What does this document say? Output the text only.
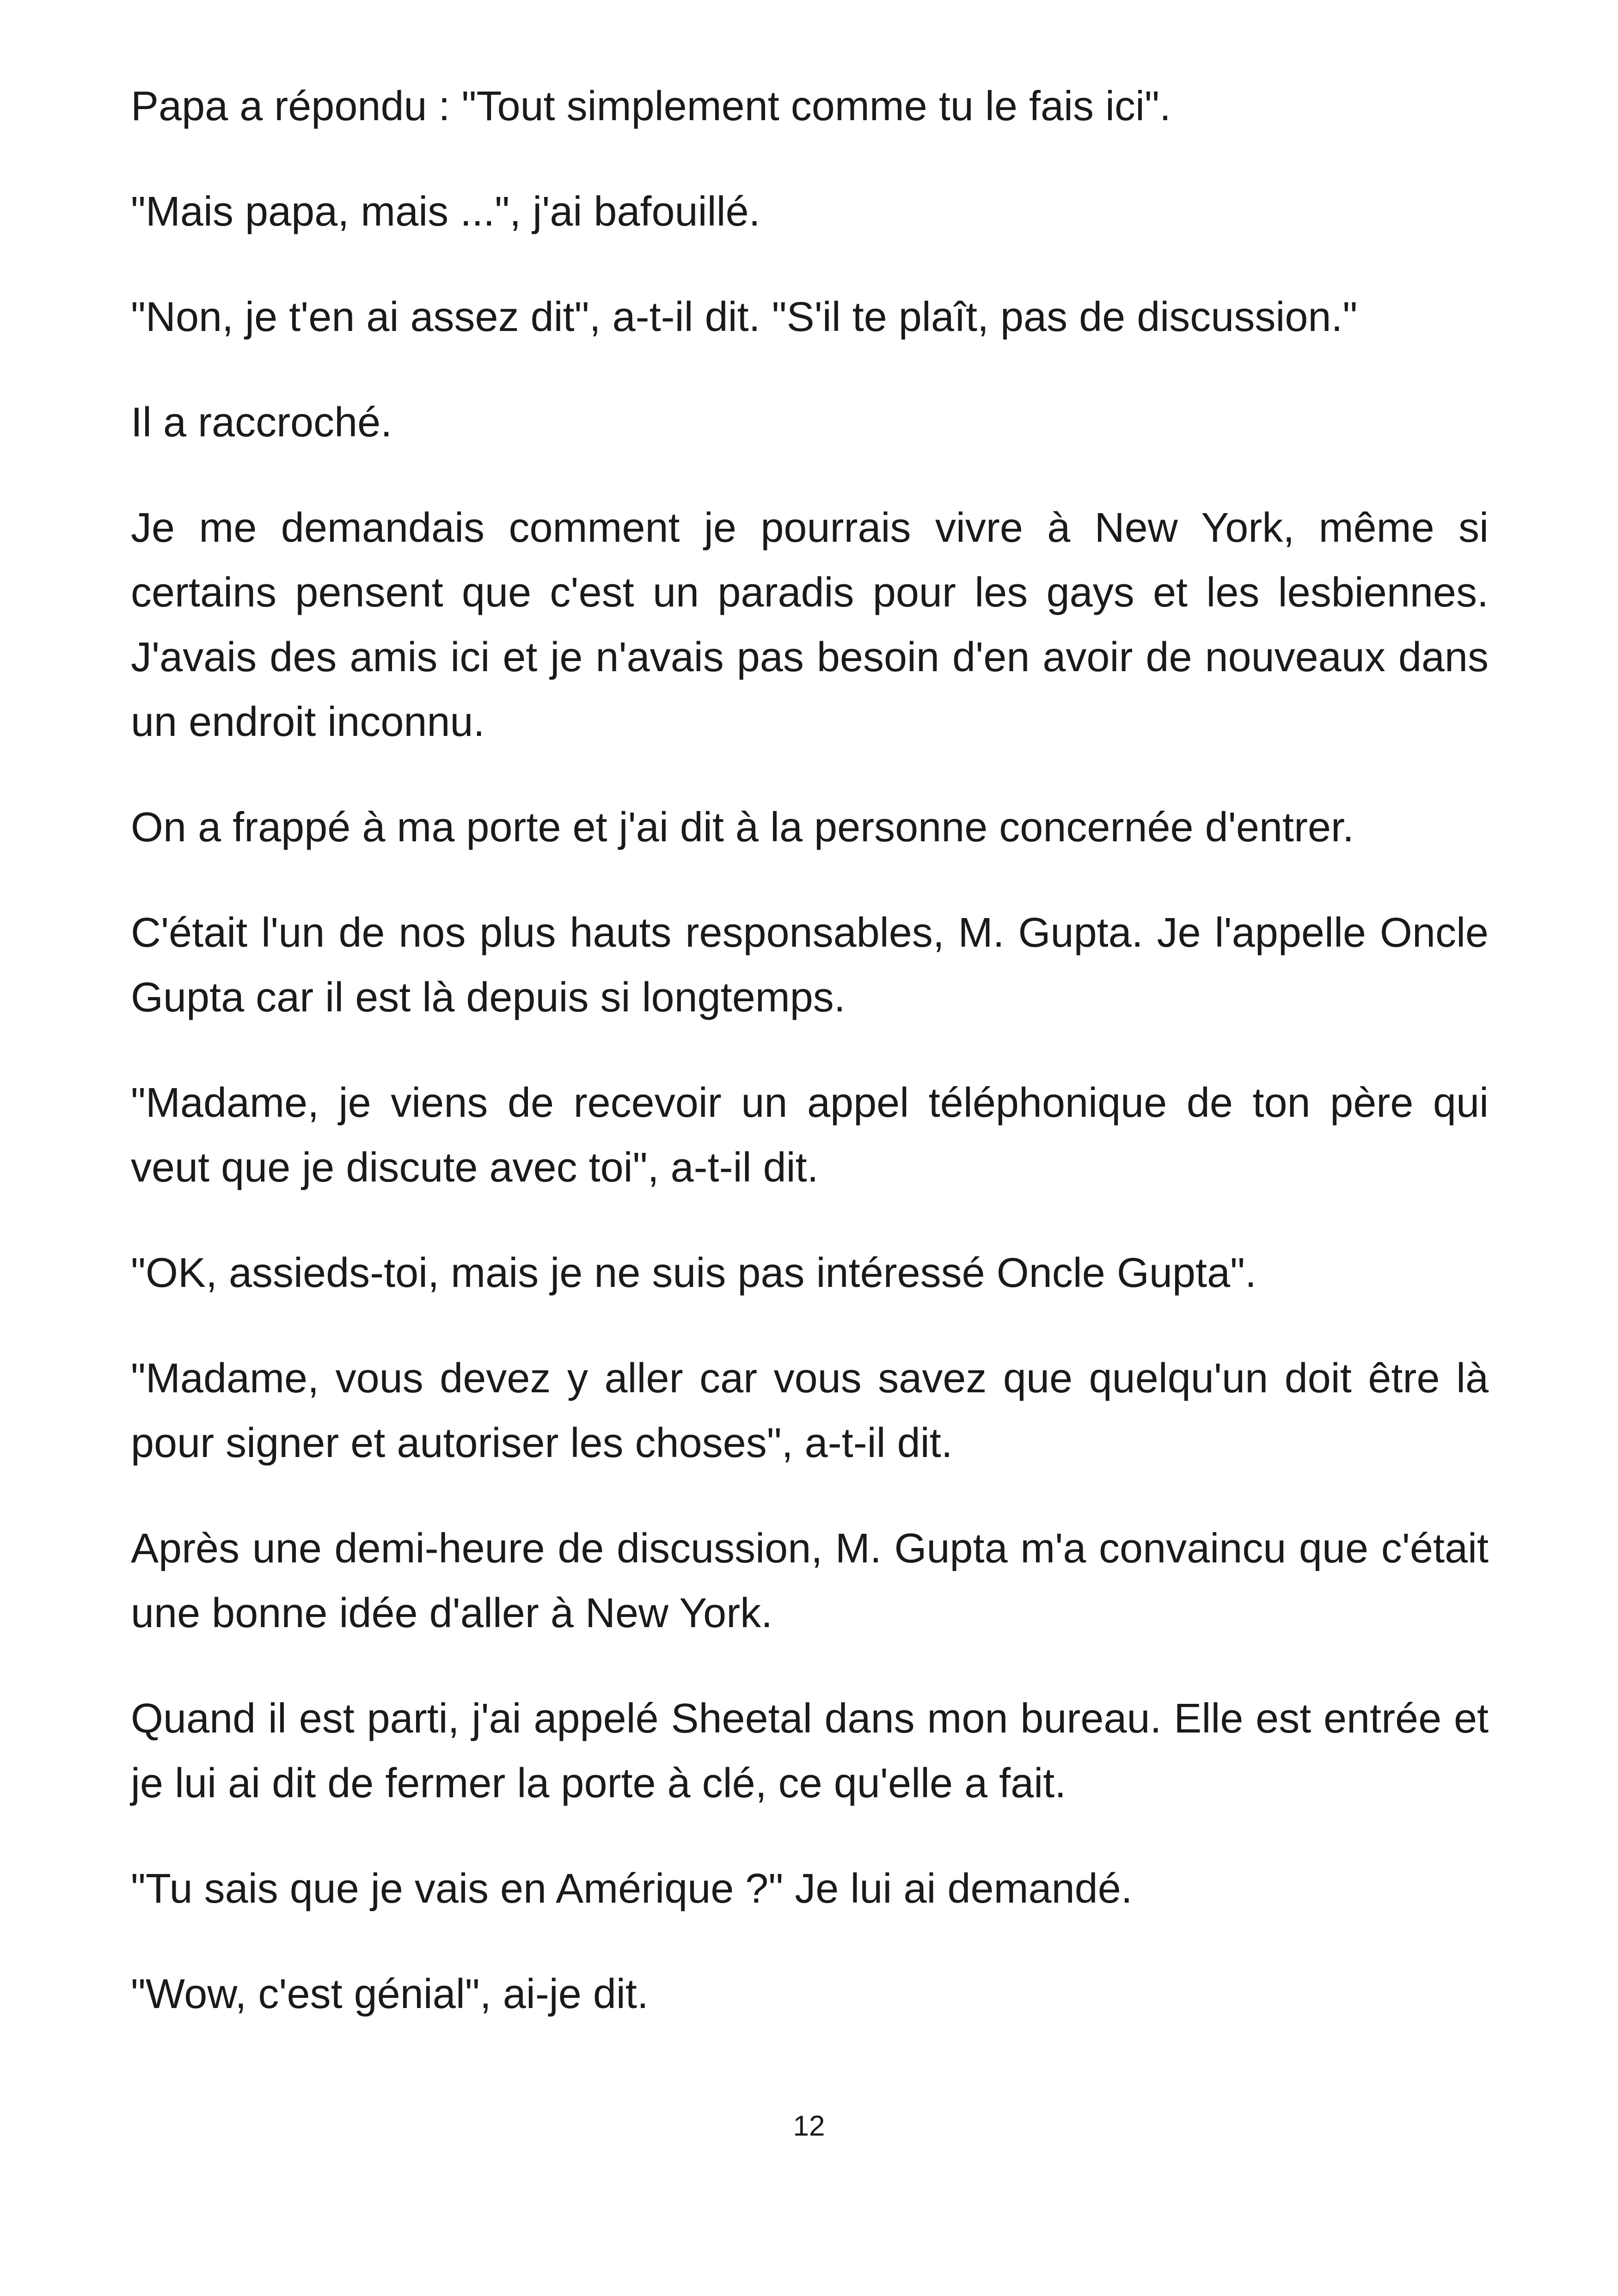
Papa a répondu : "Tout simplement comme tu le fais ici".

"Mais papa, mais ...", j'ai bafouillé.

"Non, je t'en ai assez dit", a-t-il dit. "S'il te plaît, pas de discussion."

Il a raccroché.

Je me demandais comment je pourrais vivre à New York, même si certains pensent que c'est un paradis pour les gays et les lesbiennes. J'avais des amis ici et je n'avais pas besoin d'en avoir de nouveaux dans un endroit inconnu.

On a frappé à ma porte et j'ai dit à la personne concernée d'entrer.

C'était l'un de nos plus hauts responsables, M. Gupta. Je l'appelle Oncle Gupta car il est là depuis si longtemps.

"Madame, je viens de recevoir un appel téléphonique de ton père qui veut que je discute avec toi", a-t-il dit.

"OK, assieds-toi, mais je ne suis pas intéressé Oncle Gupta".

"Madame, vous devez y aller car vous savez que quelqu'un doit être là pour signer et autoriser les choses", a-t-il dit.

Après une demi-heure de discussion, M. Gupta m'a convaincu que c'était une bonne idée d'aller à New York.

Quand il est parti, j'ai appelé Sheetal dans mon bureau. Elle est entrée et je lui ai dit de fermer la porte à clé, ce qu'elle a fait.

"Tu sais que je vais en Amérique ?" Je lui ai demandé.

"Wow, c'est génial", ai-je dit.

12
